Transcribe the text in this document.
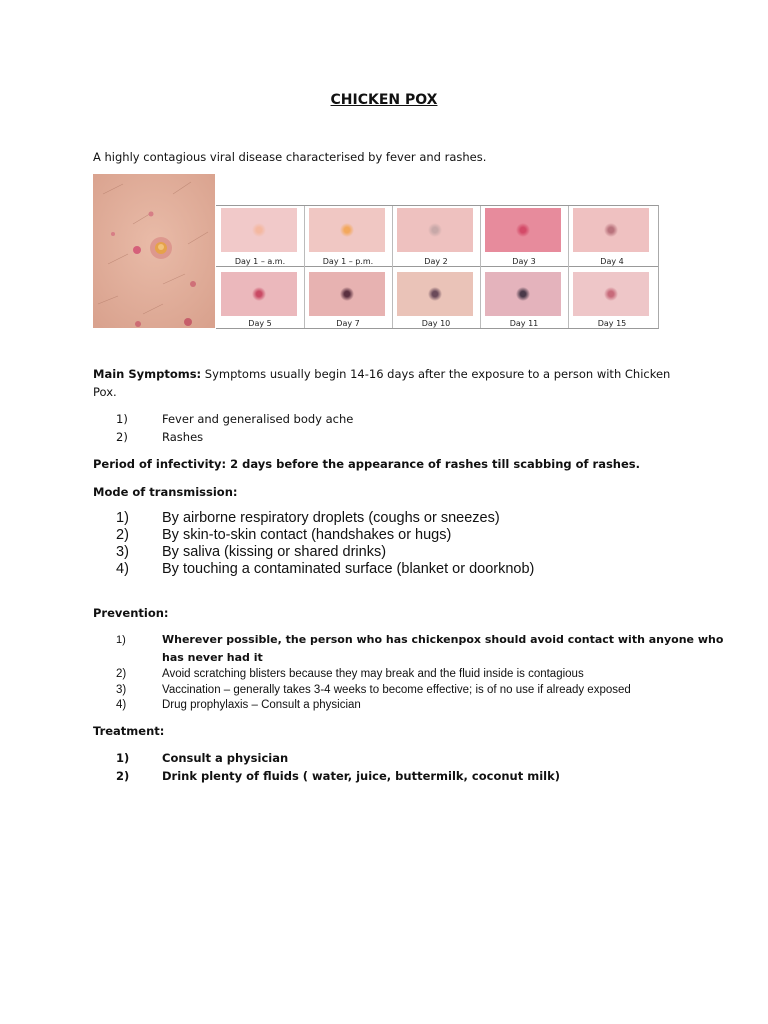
CHICKEN POX
A highly contagious viral disease characterised by fever and rashes.
Day 1 – a.m.	Day 1 – p.m.	Day 2	Day 3	Day 4
Day 5	Day 7	Day 10	Day 11	Day 15
Main Symptoms: Symptoms usually begin 14-16 days after the exposure to a person with Chicken
Pox.
1)	Fever and generalised body ache
2)	Rashes
Period of infectivity: 2 days before the appearance of rashes till scabbing of rashes.
Mode of transmission:
1) By airborne respiratory droplets (coughs or sneezes)
2) By skin-to-skin contact (handshakes or hugs)
3) By saliva (kissing or shared drinks)
4) By touching a contaminated surface (blanket or doorknob)
Prevention:
1)	Wherever possible, the person who has chickenpox should avoid contact with anyone who
has never had it
2)	Avoid scratching blisters because they may break and the fluid inside is contagious
3)	Vaccination – generally takes 3-4 weeks to become effective; is of no use if already exposed
4)	Drug prophylaxis – Consult a physician
Treatment:
1)	Consult a physician
2)	Drink plenty of fluids ( water, juice, buttermilk, coconut milk)
